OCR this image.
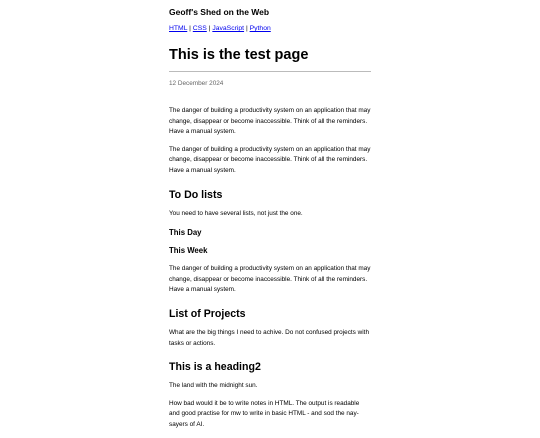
Geoff's Shed on the Web
HTML | CSS | JavaScript | Python
This is the test page
12 December 2024

The danger of building a productivity system on an application that may change, disappear or become inaccessible. Think of all the reminders. Have a manual system.

The danger of building a productivity system on an application that may change, disappear or become inaccessible. Think of all the reminders. Have a manual system.

To Do lists

You need to have several lists, not just the one.

This Day
This Week

The danger of building a productivity system on an application that may change, disappear or become inaccessible. Think of all the reminders. Have a manual system.

List of Projects

What are the big things I need to achive. Do not confused projects with tasks or actions.

This is a heading2

The land with the midnight sun.

How bad would it be to write notes in HTML. The output is readable and good practise for mw to write in basic HTML - and sod the nay-sayers of AI.
